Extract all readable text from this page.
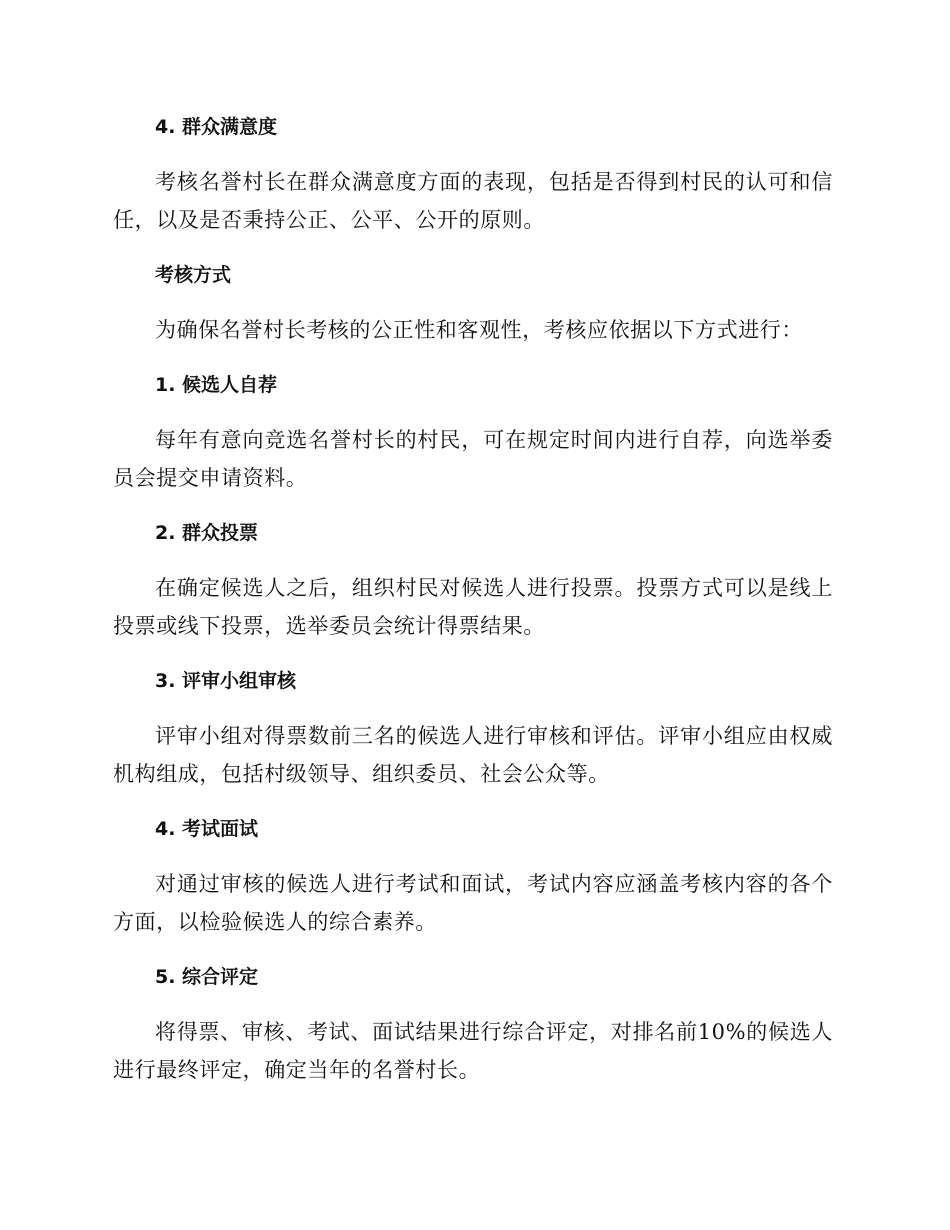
4. 群众满意度

考核名誉村长在群众满意度方面的表现，包括是否得到村民的认可和信任，以及是否秉持公正、公平、公开的原则。

考核方式

为确保名誉村长考核的公正性和客观性，考核应依据以下方式进行：

1. 候选人自荐

每年有意向竞选名誉村长的村民，可在规定时间内进行自荐，向选举委员会提交申请资料。

2. 群众投票

在确定候选人之后，组织村民对候选人进行投票。投票方式可以是线上投票或线下投票，选举委员会统计得票结果。

3. 评审小组审核

评审小组对得票数前三名的候选人进行审核和评估。评审小组应由权威机构组成，包括村级领导、组织委员、社会公众等。

4. 考试面试

对通过审核的候选人进行考试和面试，考试内容应涵盖考核内容的各个方面，以检验候选人的综合素养。

5. 综合评定

将得票、审核、考试、面试结果进行综合评定，对排名前10%的候选人进行最终评定，确定当年的名誉村长。
